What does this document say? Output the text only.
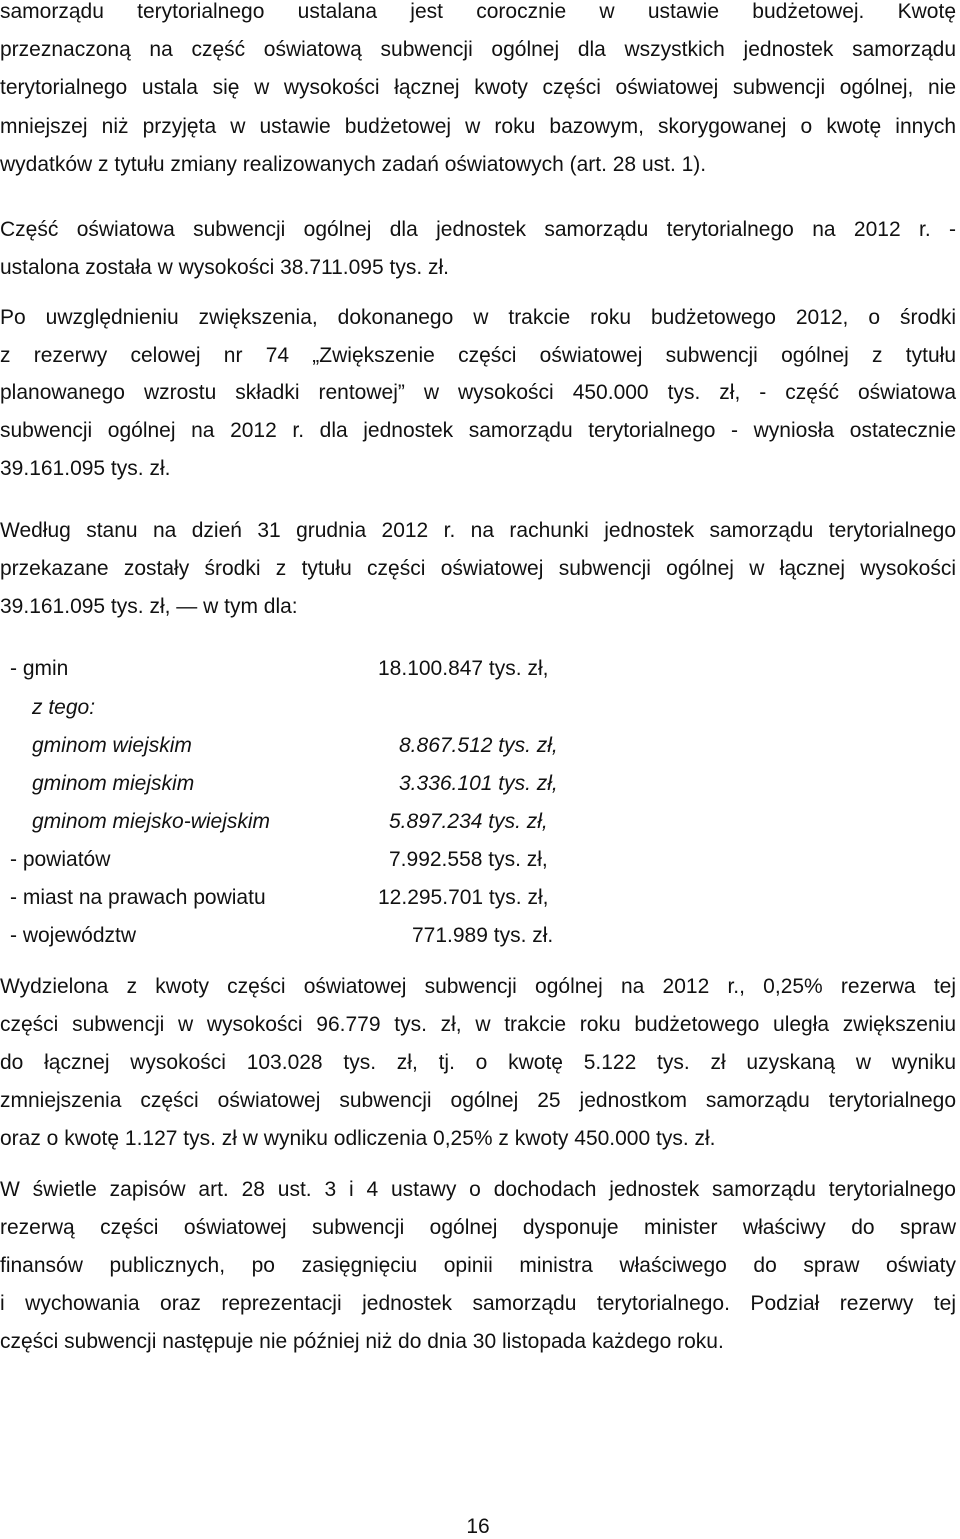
samorządu terytorialnego ustalana jest corocznie w ustawie budżetowej. Kwotę
przeznaczoną na część oświatową subwencji ogólnej dla wszystkich jednostek samorządu
terytorialnego ustala się w wysokości łącznej kwoty części oświatowej subwencji ogólnej, nie
mniejszej niż przyjęta w ustawie budżetowej w roku bazowym, skorygowanej o kwotę innych
wydatków z tytułu zmiany realizowanych zadań oświatowych (art. 28 ust. 1).
Część oświatowa subwencji ogólnej dla jednostek samorządu terytorialnego na 2012 r. -
ustalona została w wysokości 38.711.095 tys. zł.
Po uwzględnieniu zwiększenia, dokonanego w trakcie roku budżetowego 2012, o środki
z rezerwy celowej nr 74 „Zwiększenie części oświatowej subwencji ogólnej z tytułu
planowanego wzrostu składki rentowej” w wysokości 450.000 tys. zł, - część oświatowa
subwencji ogólnej na 2012 r. dla jednostek samorządu terytorialnego - wyniosła ostatecznie
39.161.095 tys. zł.
Według stanu na dzień 31 grudnia 2012 r. na rachunki jednostek samorządu terytorialnego
przekazane zostały środki z tytułu części oświatowej subwencji ogólnej w łącznej wysokości
39.161.095 tys. zł, — w tym dla:
- gmin	18.100.847 tys. zł,
z tego:
gminom wiejskim	8.867.512 tys. zł,
gminom miejskim	3.336.101 tys. zł,
gminom miejsko-wiejskim	5.897.234 tys. zł,
- powiatów	7.992.558 tys. zł,
- miast na prawach powiatu	12.295.701 tys. zł,
- województw	771.989 tys. zł.
Wydzielona z kwoty części oświatowej subwencji ogólnej na 2012 r., 0,25% rezerwa tej
części subwencji w wysokości 96.779 tys. zł, w trakcie roku budżetowego uległa zwiększeniu
do łącznej wysokości 103.028 tys. zł, tj. o kwotę 5.122 tys. zł uzyskaną w wyniku
zmniejszenia części oświatowej subwencji ogólnej 25 jednostkom samorządu terytorialnego
oraz o kwotę 1.127 tys. zł w wyniku odliczenia 0,25% z kwoty 450.000 tys. zł.
W świetle zapisów art. 28 ust. 3 i 4 ustawy o dochodach jednostek samorządu terytorialnego
rezerwą części oświatowej subwencji ogólnej dysponuje minister właściwy do spraw
finansów publicznych, po zasięgnięciu opinii ministra właściwego do spraw oświaty
i wychowania oraz reprezentacji jednostek samorządu terytorialnego. Podział rezerwy tej
części subwencji następuje nie później niż do dnia 30 listopada każdego roku.
16
